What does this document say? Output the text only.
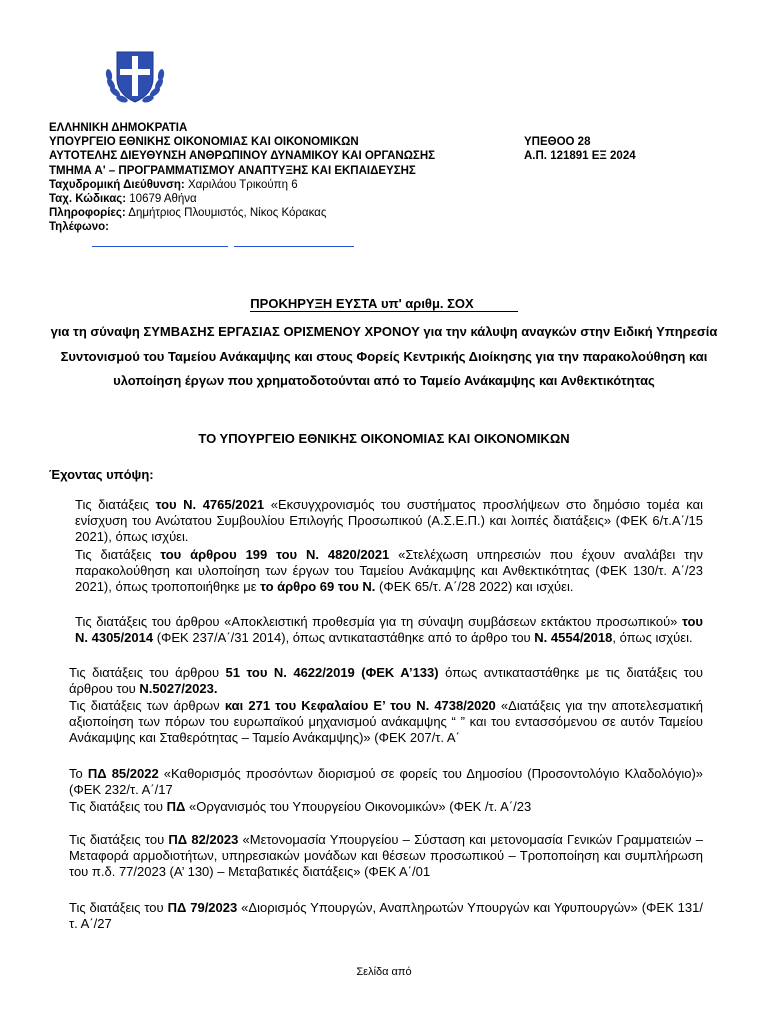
ΕΛΛΗΝΙΚΗ ΔΗΜΟΚΡΑΤΙΑ
ΥΠΟΥΡΓΕΙΟ ΕΘΝΙΚΗΣ ΟΙΚΟΝΟΜΙΑΣ ΚΑΙ ΟΙΚΟΝΟΜΙΚΩΝ
ΑΥΤΟΤΕΛΗΣ ΔΙΕΥΘΥΝΣΗ ΑΝΘΡΩΠΙΝΟΥ ΔΥΝΑΜΙΚΟΥ ΚΑΙ ΟΡΓΑΝΩΣΗΣ
ΤΜΗΜΑ Α' – ΠΡΟΓΡΑΜΜΑΤΙΣΜΟΥ ΑΝΑΠΤΥΞΗΣ ΚΑΙ ΕΚΠΑΙΔΕΥΣΗΣ
Ταχυδρομική Διεύθυνση: Χαριλάου Τρικούπη 6
Ταχ. Κώδικας: 10679 Αθήνα
Πληροφορίες: Δημήτριος Πλουμιστός, Νίκος Κόρακας
Τηλέφωνο:
ΥΠΕΘΟΟ 28
Α.Π. 121891 ΕΞ 2024
ΠΡΟΚΗΡΥΞΗ ΕΥΣΤΑ υπ' αριθμ. ΣΟΧ
για τη σύναψη ΣΥΜΒΑΣΗΣ ΕΡΓΑΣΙΑΣ ΟΡΙΣΜΕΝΟΥ ΧΡΟΝΟΥ για την κάλυψη αναγκών στην Ειδική Υπηρεσία Συντονισμού του Ταμείου Ανάκαμψης και στους Φορείς Κεντρικής Διοίκησης για την παρακολούθηση και υλοποίηση έργων που χρηματοδοτούνται από το Ταμείο Ανάκαμψης και Ανθεκτικότητας
ΤΟ ΥΠΟΥΡΓΕΙΟ ΕΘΝΙΚΗΣ ΟΙΚΟΝΟΜΙΑΣ ΚΑΙ ΟΙΚΟΝΟΜΙΚΩΝ
Έχοντας υπόψη:

Τις διατάξεις του Ν. 4765/2021 «Εκσυγχρονισμός του συστήματος προσλήψεων στο δημόσιο τομέα και ενίσχυση του Ανώτατου Συμβουλίου Επιλογής Προσωπικού (Α.Σ.Ε.Π.) και λοιπές διατάξεις» (ΦΕΚ 6/τ.Α΄/15 2021), όπως ισχύει.

Τις διατάξεις του άρθρου 199 του Ν. 4820/2021 «Στελέχωση υπηρεσιών που έχουν αναλάβει την παρακολούθηση και υλοποίηση των έργων του Ταμείου Ανάκαμψης και Ανθεκτικότητας (ΦΕΚ 130/τ. Α΄/23 2021), όπως τροποποιήθηκε με το άρθρο 69 του Ν. (ΦΕΚ 65/τ. Α΄/28 2022) και ισχύει.

Τις διατάξεις του άρθρου «Αποκλειστική προθεσμία για τη σύναψη συμβάσεων εκτάκτου προσωπικού» του Ν. 4305/2014 (ΦΕΚ 237/Α΄/31 2014), όπως αντικαταστάθηκε από το άρθρο του Ν. 4554/2018, όπως ισχύει.

Τις διατάξεις του άρθρου 51 του Ν. 4622/2019 (ΦΕΚ Α’133) όπως αντικαταστάθηκε με τις διατάξεις του άρθρου του Ν.5027/2023.

Τις διατάξεις των άρθρων και 271 του Κεφαλαίου Ε’ του Ν. 4738/2020 «Διατάξεις για την αποτελεσματική αξιοποίηση των πόρων του ευρωπαϊκού μηχανισμού ανάκαμψης “ ” και του εντασσόμενου σε αυτόν Ταμείου Ανάκαμψης και Σταθερότητας – Ταμείο Ανάκαμψης)» (ΦΕΚ 207/τ. Α΄

Το ΠΔ 85/2022 «Καθορισμός προσόντων διορισμού σε φορείς του Δημοσίου (Προσοντολόγιο Κλαδολόγιο)» (ΦΕΚ 232/τ. Α΄/17

Τις διατάξεις του ΠΔ «Οργανισμός του Υπουργείου Οικονομικών» (ΦΕΚ /τ. Α΄/23

Τις διατάξεις του ΠΔ 82/2023 «Μετονομασία Υπουργείου – Σύσταση και μετονομασία Γενικών Γραμματειών – Μεταφορά αρμοδιοτήτων, υπηρεσιακών μονάδων και θέσεων προσωπικού – Τροποποίηση και συμπλήρωση του π.δ. 77/2023 (Α’ 130) – Μεταβατικές διατάξεις» (ΦΕΚ Α΄/01

Τις διατάξεις του ΠΔ 79/2023 «Διορισμός Υπουργών, Αναπληρωτών Υπουργών και Υφυπουργών» (ΦΕΚ 131/τ. Α΄/27

Σελίδα από
